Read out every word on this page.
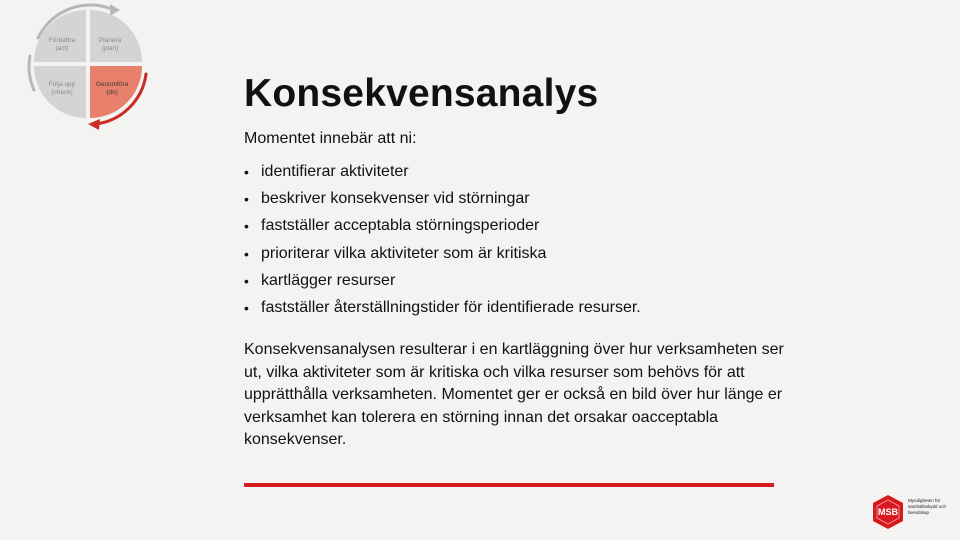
Förbättra
(act)
Planera
(plan)
Följa upp
(check)
Genomföra
(do)	Konsekvensanalys

Momentet innebär att ni:

• identifierar aktiviteter
• beskriver konsekvenser vid störningar
• fastställer acceptabla störningsperioder
• prioriterar vilka aktiviteter som är kritiska
• kartlägger resurser
• fastställer återställningstider för identifierade resurser.

Konsekvensanalysen resulterar i en kartläggning över hur verksamheten ser ut, vilka aktiviteter som är kritiska och vilka resurser som behövs för att upprätthålla verksamheten. Momentet ger er också en bild över hur länge er verksamhet kan tolerera en störning innan det orsakar oacceptabla konsekvenser.

MSB
Myndigheten för samhällsskydd och beredskap
